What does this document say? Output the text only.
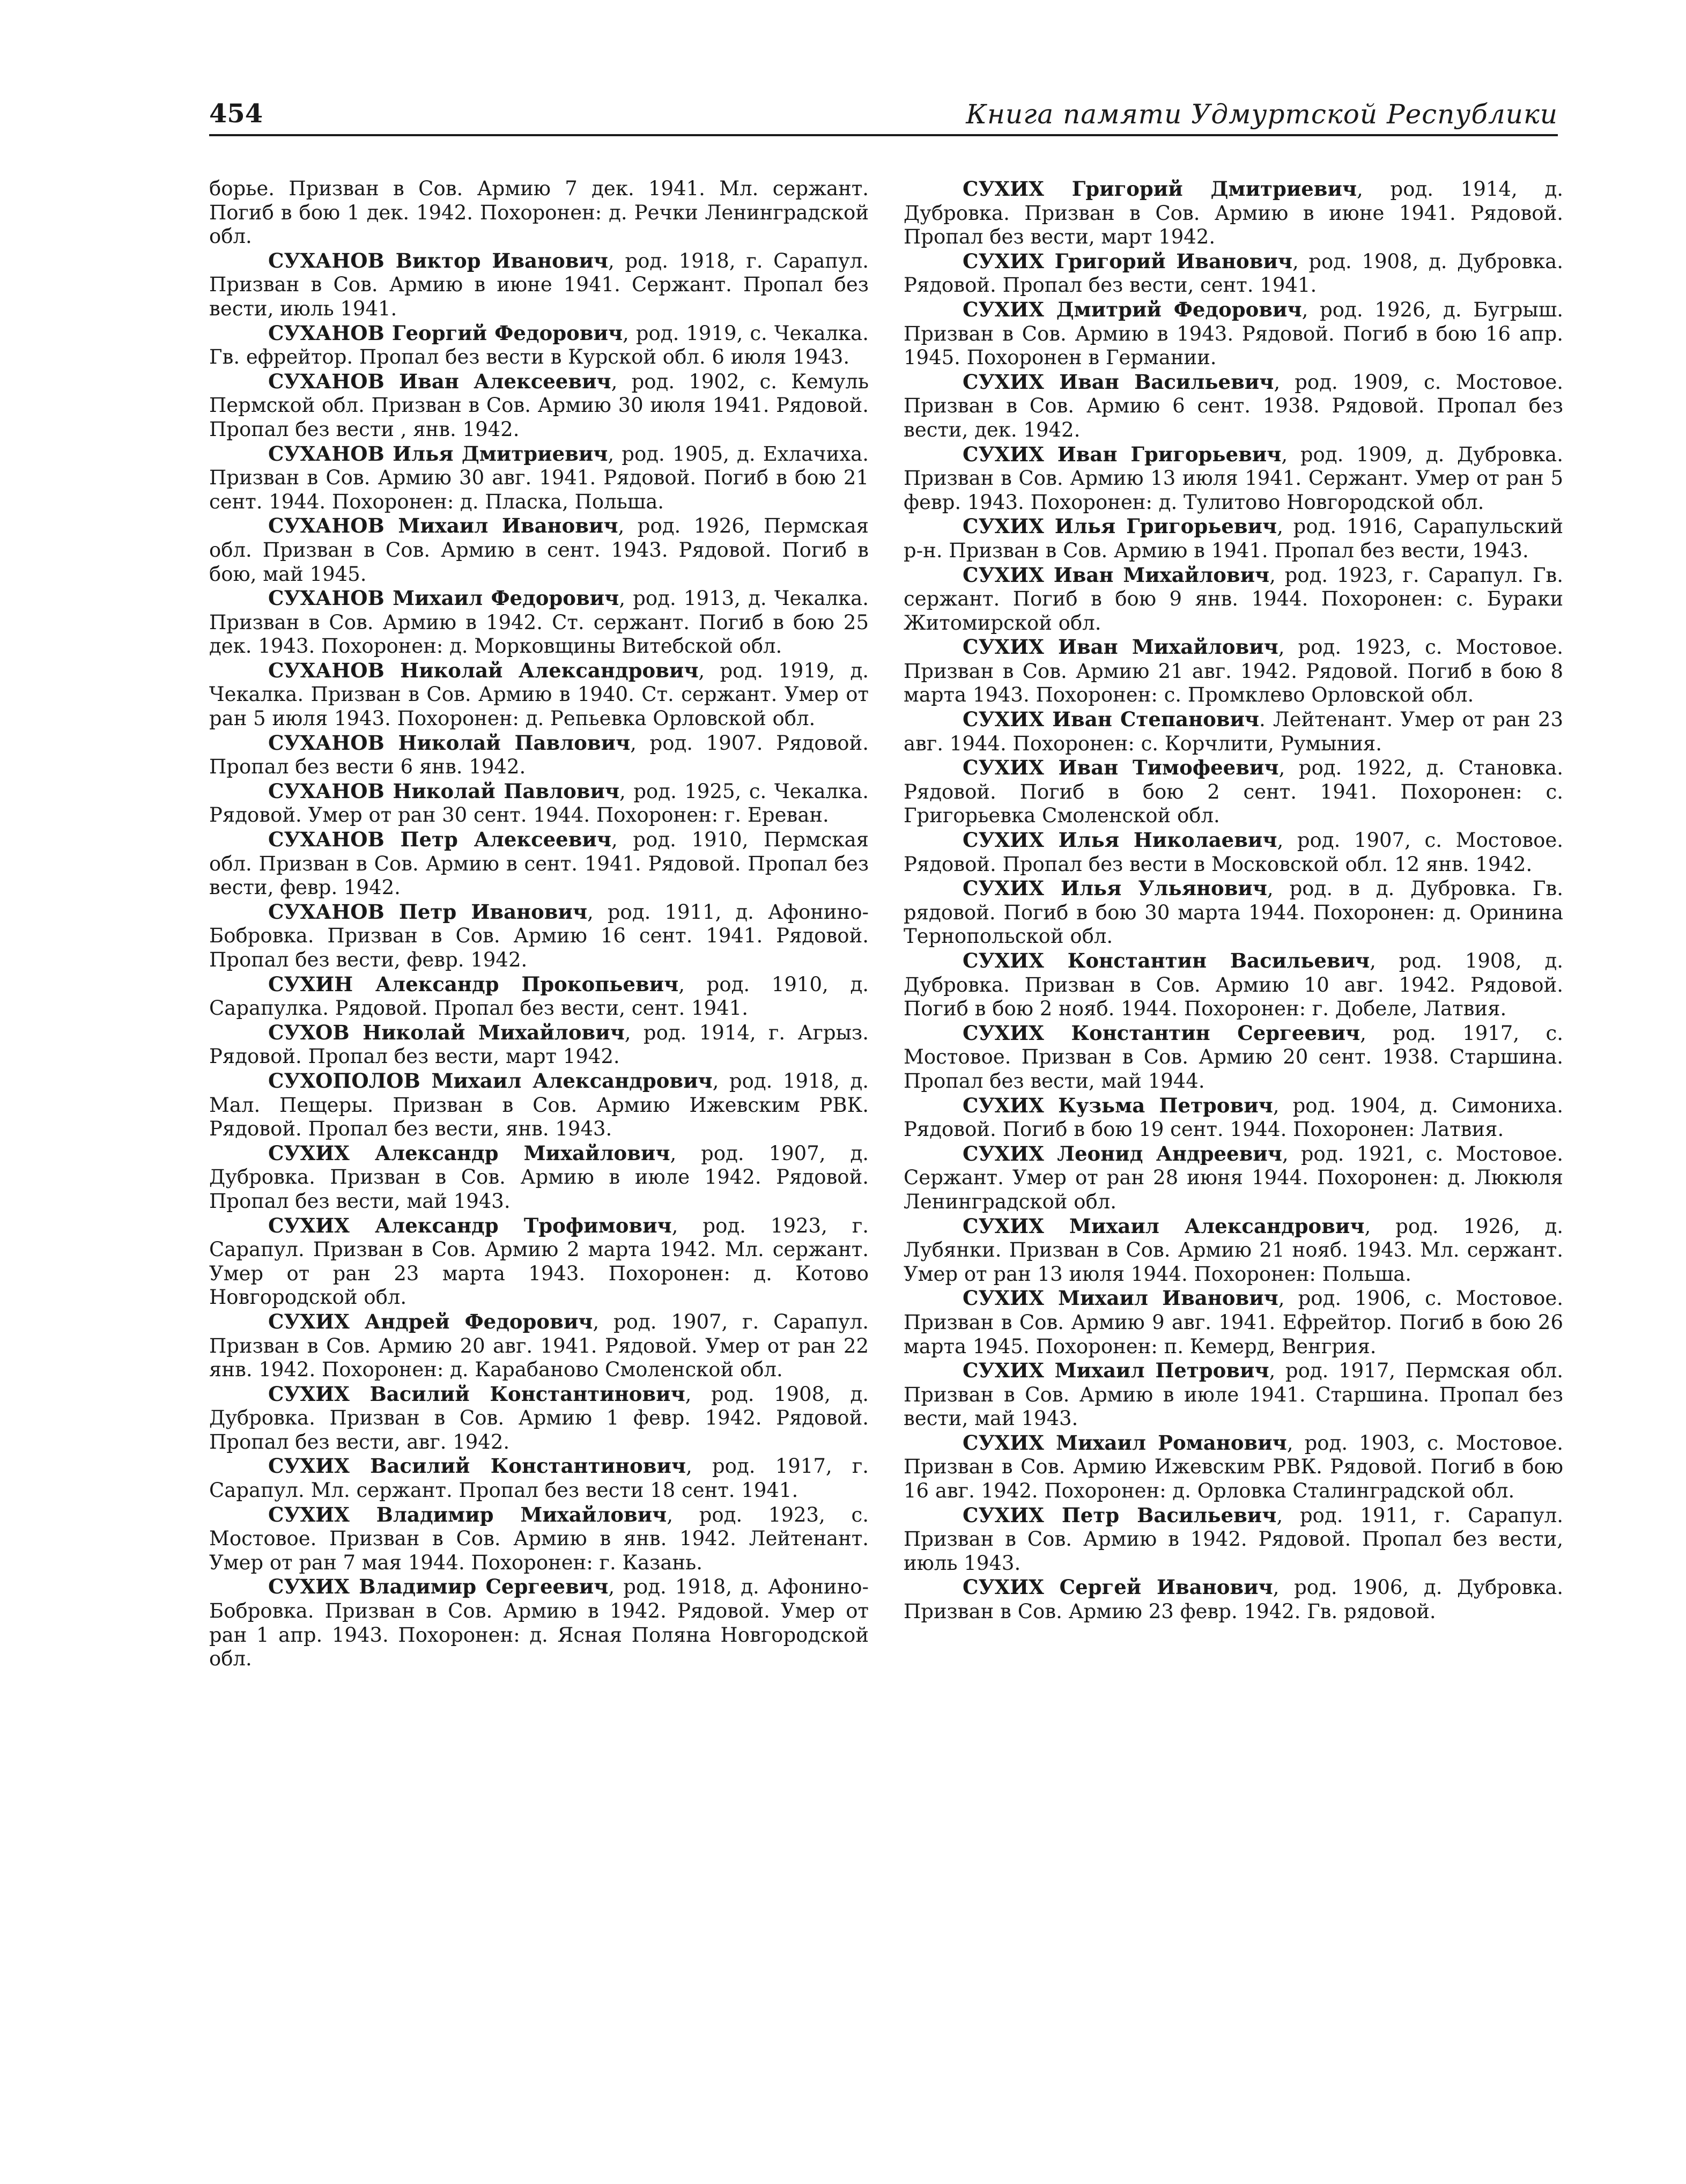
454	Книга памяти Удмуртской Республики

борье. Призван в Сов. Армию 7 дек. 1941. Мл. сержант. Погиб в бою 1 дек. 1942. Похоронен: д. Речки Ленинградской обл.

СУХАНОВ Виктор Иванович, род. 1918, г. Сарапул. Призван в Сов. Армию в июне 1941. Сержант. Пропал без вести, июль 1941.

СУХАНОВ Георгий Федорович, род. 1919, с. Чекалка. Гв. ефрейтор. Пропал без вести в Курской обл. 6 июля 1943.

СУХАНОВ Иван Алексеевич, род. 1902, с. Кемуль Пермской обл. Призван в Сов. Армию 30 июля 1941. Рядовой. Пропал без вести , янв. 1942.

СУХАНОВ Илья Дмитриевич, род. 1905, д. Ехлачиха. Призван в Сов. Армию 30 авг. 1941. Рядовой. Погиб в бою 21 сент. 1944. Похоронен: д. Пласка, Польша.

СУХАНОВ Михаил Иванович, род. 1926, Пермская обл. Призван в Сов. Армию в сент. 1943. Рядовой. Погиб в бою, май 1945.

СУХАНОВ Михаил Федорович, род. 1913, д. Чекалка. Призван в Сов. Армию в 1942. Ст. сержант. Погиб в бою 25 дек. 1943. Похоронен: д. Морковщины Витебской обл.

СУХАНОВ Николай Александрович, род. 1919, д. Чекалка. Призван в Сов. Армию в 1940. Ст. сержант. Умер от ран 5 июля 1943. Похоронен: д. Репьевка Орловской обл.

СУХАНОВ Николай Павлович, род. 1907. Рядовой. Пропал без вести 6 янв. 1942.

СУХАНОВ Николай Павлович, род. 1925, с. Чекалка. Рядовой. Умер от ран 30 сент. 1944. Похоронен: г. Ереван.

СУХАНОВ Петр Алексеевич, род. 1910, Пермская обл. Призван в Сов. Армию в сент. 1941. Рядовой. Пропал без вести, февр. 1942.

СУХАНОВ Петр Иванович, род. 1911, д. Афонино-Бобровка. Призван в Сов. Армию 16 сент. 1941. Рядовой. Пропал без вести, февр. 1942.

СУХИН Александр Прокопьевич, род. 1910, д. Сарапулка. Рядовой. Пропал без вести, сент. 1941.

СУХОВ Николай Михайлович, род. 1914, г. Агрыз. Рядовой. Пропал без вести, март 1942.

СУХОПОЛОВ Михаил Александрович, род. 1918, д. Мал. Пещеры. Призван в Сов. Армию Ижевским РВК. Рядовой. Пропал без вести, янв. 1943.

СУХИХ Александр Михайлович, род. 1907, д. Дубровка. Призван в Сов. Армию в июле 1942. Рядовой. Пропал без вести, май 1943.

СУХИХ Александр Трофимович, род. 1923, г. Сарапул. Призван в Сов. Армию 2 марта 1942. Мл. сержант. Умер от ран 23 марта 1943. Похоронен: д. Котово Новгородской обл.

СУХИХ Андрей Федорович, род. 1907, г. Сарапул. Призван в Сов. Армию 20 авг. 1941. Рядовой. Умер от ран 22 янв. 1942. Похоронен: д. Карабаново Смоленской обл.

СУХИХ Василий Константинович, род. 1908, д. Дубровка. Призван в Сов. Армию 1 февр. 1942. Рядовой. Пропал без вести, авг. 1942.

СУХИХ Василий Константинович, род. 1917, г. Сарапул. Мл. сержант. Пропал без вести 18 сент. 1941.

СУХИХ Владимир Михайлович, род. 1923, с. Мостовое. Призван в Сов. Армию в янв. 1942. Лейтенант. Умер от ран 7 мая 1944. Похоронен: г. Казань.

СУХИХ Владимир Сергеевич, род. 1918, д. Афонино-Бобровка. Призван в Сов. Армию в 1942. Рядовой. Умер от ран 1 апр. 1943. Похоронен: д. Ясная Поляна Новгородской обл.

СУХИХ Григорий Дмитриевич, род. 1914, д. Дубровка. Призван в Сов. Армию в июне 1941. Рядовой. Пропал без вести, март 1942.

СУХИХ Григорий Иванович, род. 1908, д. Дубровка. Рядовой. Пропал без вести, сент. 1941.

СУХИХ Дмитрий Федорович, род. 1926, д. Бугрыш. Призван в Сов. Армию в 1943. Рядовой. Погиб в бою 16 апр. 1945. Похоронен в Германии.

СУХИХ Иван Васильевич, род. 1909, с. Мостовое. Призван в Сов. Армию 6 сент. 1938. Рядовой. Пропал без вести, дек. 1942.

СУХИХ Иван Григорьевич, род. 1909, д. Дубровка. Призван в Сов. Армию 13 июля 1941. Сержант. Умер от ран 5 февр. 1943. Похоронен: д. Тулитово Новгородской обл.

СУХИХ Илья Григорьевич, род. 1916, Сарапульский р-н. Призван в Сов. Армию в 1941. Пропал без вести, 1943.

СУХИХ Иван Михайлович, род. 1923, г. Сарапул. Гв. сержант. Погиб в бою 9 янв. 1944. Похоронен: с. Бураки Житомирской обл.

СУХИХ Иван Михайлович, род. 1923, с. Мостовое. Призван в Сов. Армию 21 авг. 1942. Рядовой. Погиб в бою 8 марта 1943. Похоронен: с. Промклево Орловской обл.

СУХИХ Иван Степанович. Лейтенант. Умер от ран 23 авг. 1944. Похоронен: с. Корчлити, Румыния.

СУХИХ Иван Тимофеевич, род. 1922, д. Становка. Рядовой. Погиб в бою 2 сент. 1941. Похоронен: с. Григорьевка Смоленской обл.

СУХИХ Илья Николаевич, род. 1907, с. Мостовое. Рядовой. Пропал без вести в Московской обл. 12 янв. 1942.

СУХИХ Илья Ульянович, род. в д. Дубровка. Гв. рядовой. Погиб в бою 30 марта 1944. Похоронен: д. Оринина Тернопольской обл.

СУХИХ Константин Васильевич, род. 1908, д. Дубровка. Призван в Сов. Армию 10 авг. 1942. Рядовой. Погиб в бою 2 нояб. 1944. Похоронен: г. Добеле, Латвия.

СУХИХ Константин Сергеевич, род. 1917, с. Мостовое. Призван в Сов. Армию 20 сент. 1938. Старшина. Пропал без вести, май 1944.

СУХИХ Кузьма Петрович, род. 1904, д. Симониха. Рядовой. Погиб в бою 19 сент. 1944. Похоронен: Латвия.

СУХИХ Леонид Андреевич, род. 1921, с. Мостовое. Сержант. Умер от ран 28 июня 1944. Похоронен: д. Люкюля Ленинградской обл.

СУХИХ Михаил Александрович, род. 1926, д. Лубянки. Призван в Сов. Армию 21 нояб. 1943. Мл. сержант. Умер от ран 13 июля 1944. Похоронен: Польша.

СУХИХ Михаил Иванович, род. 1906, с. Мостовое. Призван в Сов. Армию 9 авг. 1941. Ефрейтор. Погиб в бою 26 марта 1945. Похоронен: п. Кемерд, Венгрия.

СУХИХ Михаил Петрович, род. 1917, Пермская обл. Призван в Сов. Армию в июле 1941. Старшина. Пропал без вести, май 1943.

СУХИХ Михаил Романович, род. 1903, с. Мостовое. Призван в Сов. Армию Ижевским РВК. Рядовой. Погиб в бою 16 авг. 1942. Похоронен: д. Орловка Сталинградской обл.

СУХИХ Петр Васильевич, род. 1911, г. Сарапул. Призван в Сов. Армию в 1942. Рядовой. Пропал без вести, июль 1943.

СУХИХ Сергей Иванович, род. 1906, д. Дубровка. Призван в Сов. Армию 23 февр. 1942. Гв. рядовой.
